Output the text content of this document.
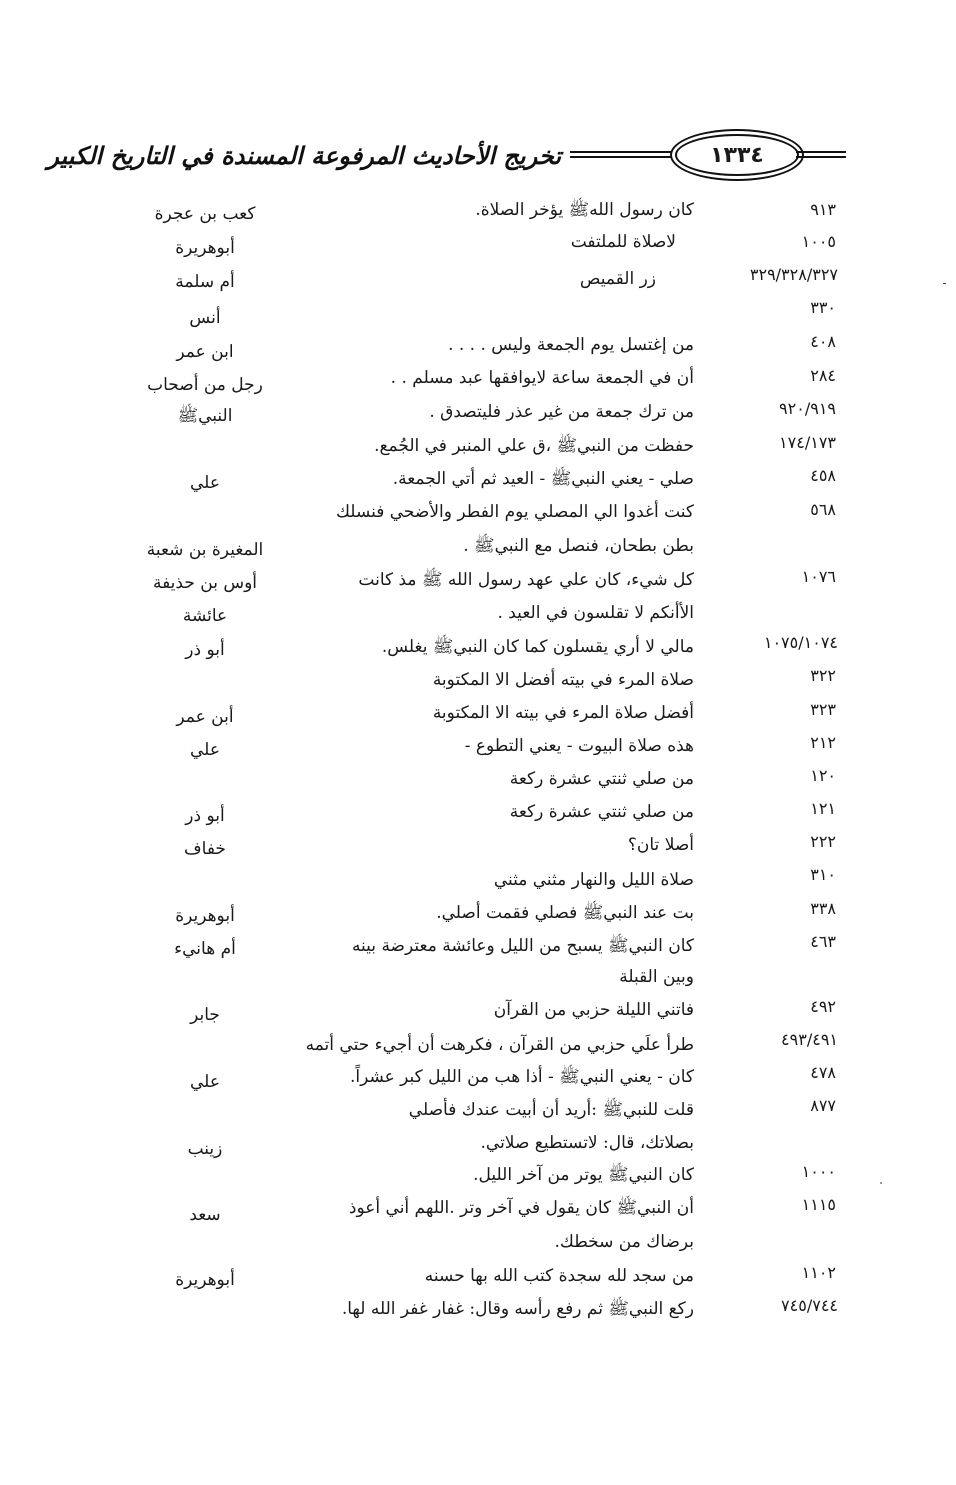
١٣٣٤
تخريج الأحاديث المرفوعة المسندة في التاريخ الكبير
٩١٣
١٠٠٥
٣٢٩/٣٢٨/٣٢٧
٣٣٠
٤٠٨
٢٨٤
٩٢٠/٩١٩
١٧٤/١٧٣
٤٥٨
٥٦٨
١٠٧٦
١٠٧٥/١٠٧٤
٣٢٢
٣٢٣
٢١٢
١٢٠
١٢١
٢٢٢
٣١٠
٣٣٨
٤٦٣
٤٩٢
٤٩٣/٤٩١
٤٧٨
٨٧٧
١٠٠٠
١١١٥
١١٠٢
٧٤٥/٧٤٤
كان رسول اللهﷺ يؤخر الصلاة.
لاصلاة للملتفت
زر القميص
من إغتسل يوم الجمعة وليس . . . .
أن في الجمعة ساعة لايوافقها عبد مسلم . .
من ترك جمعة من غير عذر فليتصدق .
حفظت من النبيﷺ ،ق علي المنبر في الجُمع.
صلي - يعني النبيﷺ - العيد ثم أتي الجمعة.
كنت أغدوا الي المصلي يوم الفطر والأضحي فنسلك
بطن بطحان، فنصل مع النبيﷺ .
كل شيء، كان علي عهد رسول الله ﷺ مذ كانت
الأأنكم لا تقلسون في العيد .
مالي لا أري يقسلون كما كان النبيﷺ يغلس.
صلاة المرء في بيته أفضل الا المكتوبة
أفضل صلاة المرء في بيته الا المكتوبة
هذه صلاة البيوت - يعني التطوع -
من صلي ثنتي عشرة ركعة
من صلي ثنتي عشرة ركعة
أصلا تان؟
صلاة الليل والنهار مثني مثني
بت عند النبيﷺ فصلي فقمت أصلي.
كان النبيﷺ يسبح من الليل وعائشة معترضة بينه
وبين القبلة
فاتني الليلة حزبي من القرآن
طرأ علَي حزبي من القرآن ، فكرهت أن أجيء حتي أتمه
كان - يعني النبيﷺ - أذا هب من الليل كبر عشراً.
قلت للنبيﷺ :أريد أن أبيت عندك فأصلي
بصلاتك، قال: لاتستطيع صلاتي.
كان النبيﷺ يوتر من آخر الليل.
أن النبيﷺ كان يقول في آخر وتر .اللهم أني أعوذ
برضاك من سخطك.
من سجد لله سجدة كتب الله بها حسنه
ركع النبيﷺ ثم رفع رأسه وقال: غفار غفر الله لها.
كعب بن عجرة
أبوهريرة
أم سلمة
أنس
ابن عمر
رجل من أصحاب
النبيﷺ
علي
المغيرة بن شعبة
أوس بن حذيفة
عائشة
أبو ذر
أبن عمر
علي
أبو ذر
خفاف
أبوهريرة
أم هانيء
جابر
علي
زينب
سعد
أبوهريرة
